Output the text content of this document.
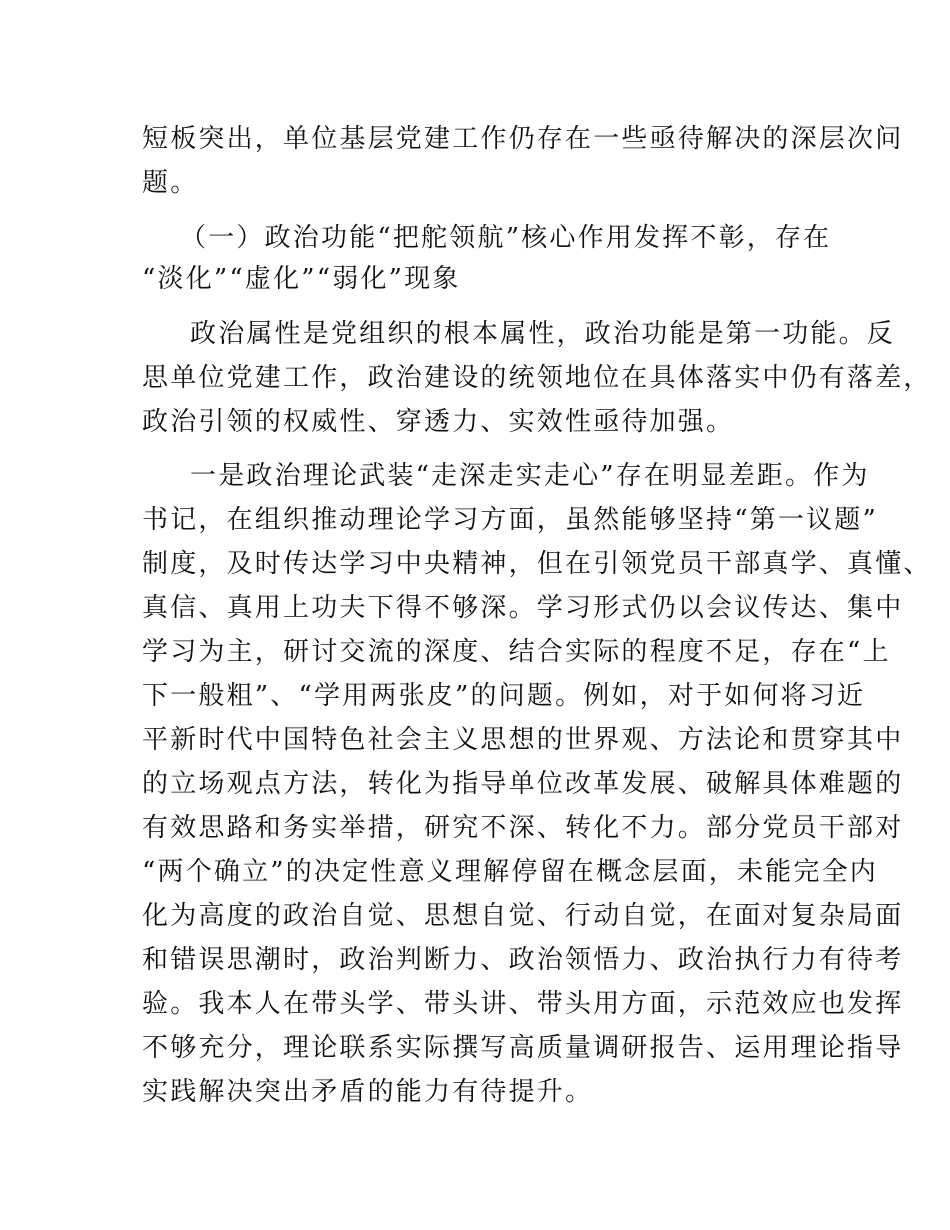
短板突出，单位基层党建工作仍存在一些亟待解决的深层次问
题。
（一）政治功能“把舵领航”核心作用发挥不彰，存在
“淡化”“虚化”“弱化”现象
政治属性是党组织的根本属性，政治功能是第一功能。反
思单位党建工作，政治建设的统领地位在具体落实中仍有落差，
政治引领的权威性、穿透力、实效性亟待加强。
一是政治理论武装“走深走实走心”存在明显差距。作为
书记，在组织推动理论学习方面，虽然能够坚持“第一议题”
制度，及时传达学习中央精神，但在引领党员干部真学、真懂、
真信、真用上功夫下得不够深。学习形式仍以会议传达、集中
学习为主，研讨交流的深度、结合实际的程度不足，存在“上
下一般粗”、“学用两张皮”的问题。例如，对于如何将习近
平新时代中国特色社会主义思想的世界观、方法论和贯穿其中
的立场观点方法，转化为指导单位改革发展、破解具体难题的
有效思路和务实举措，研究不深、转化不力。部分党员干部对
“两个确立”的决定性意义理解停留在概念层面，未能完全内
化为高度的政治自觉、思想自觉、行动自觉，在面对复杂局面
和错误思潮时，政治判断力、政治领悟力、政治执行力有待考
验。我本人在带头学、带头讲、带头用方面，示范效应也发挥
不够充分，理论联系实际撰写高质量调研报告、运用理论指导
实践解决突出矛盾的能力有待提升。
